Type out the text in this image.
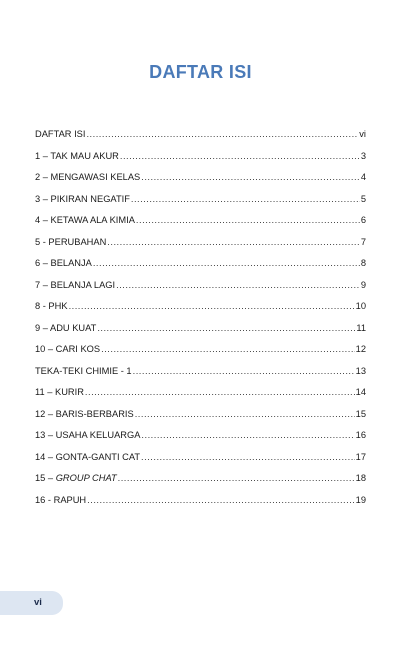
DAFTAR ISI
DAFTAR ISI .....	vi
1 – TAK MAU AKUR .....	3
2 – MENGAWASI KELAS .....	4
3 – PIKIRAN NEGATIF .....	5
4 – KETAWA ALA KIMIA .....	6
5 - PERUBAHAN .....	7
6 – BELANJA .....	8
7 – BELANJA LAGI .....	9
8 - PHK .....	10
9 – ADU KUAT .....	11
10 – CARI KOS .....	12
TEKA-TEKI CHIMIE - 1 .....	13
11 – KURIR .....	14
12 – BARIS-BERBARIS .....	15
13 – USAHA KELUARGA .....	16
14 – GONTA-GANTI CAT .....	17
15 – GROUP CHAT .....	18
16 - RAPUH .....	19
vi
